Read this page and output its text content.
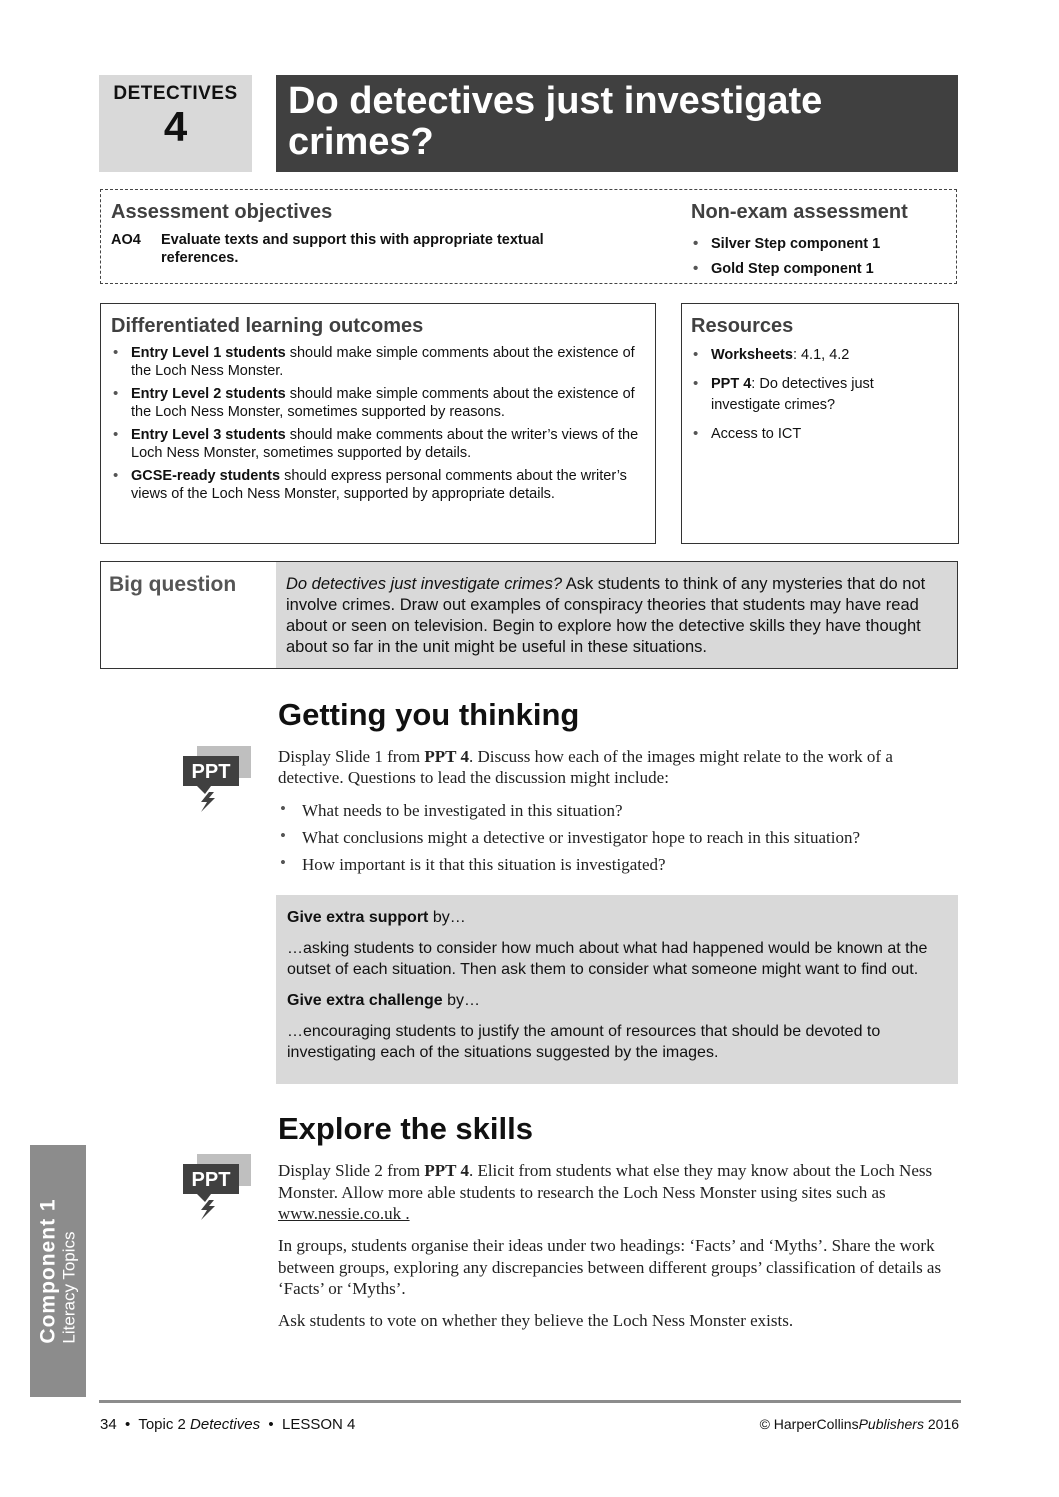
DETECTIVES
4
Do detectives just investigate
crimes?
Assessment objectives
AO4 Evaluate texts and support this with appropriate textual
references.
Non-exam assessment
• Silver Step component 1
• Gold Step component 1
Differentiated learning outcomes
• Entry Level 1 students should make simple comments about the existence of the Loch Ness Monster.
• Entry Level 2 students should make simple comments about the existence of the Loch Ness Monster, sometimes supported by reasons.
• Entry Level 3 students should make comments about the writer’s views of the Loch Ness Monster, sometimes supported by details.
• GCSE-ready students should express personal comments about the writer’s views of the Loch Ness Monster, supported by appropriate details.
Resources
• Worksheets: 4.1, 4.2
• PPT 4: Do detectives just investigate crimes?
• Access to ICT
Big question	Do detectives just investigate crimes? Ask students to think of any mysteries that do not involve crimes. Draw out examples of conspiracy theories that students may have read about or seen on television. Begin to explore how the detective skills they have thought about so far in the unit might be useful in these situations.
Getting you thinking
PPT
Display Slide 1 from PPT 4. Discuss how each of the images might relate to the work of a detective. Questions to lead the discussion might include:
• What needs to be investigated in this situation?
• What conclusions might a detective or investigator hope to reach in this situation?
• How important is it that this situation is investigated?

Give extra support by…

…asking students to consider how much about what had happened would be known at the outset of each situation. Then ask them to consider what someone might want to find out.

Give extra challenge by…

…encouraging students to justify the amount of resources that should be devoted to investigating each of the situations suggested by the images.

Explore the skills
PPT	Display Slide 2 from PPT 4. Elicit from students what else they may know about the Loch Ness Monster. Allow more able students to research the Loch Ness Monster using sites such as www.nessie.co.uk .
In groups, students organise their ideas under two headings: ‘Facts’ and ‘Myths’. Share the work between groups, exploring any discrepancies between different groups’ classification of details as ‘Facts’ or ‘Myths’.
Ask students to vote on whether they believe the Loch Ness Monster exists.
Component 1 Literacy Topics
34  •  Topic 2 Detectives  •  LESSON 4	© HarperCollinsPublishers 2016
